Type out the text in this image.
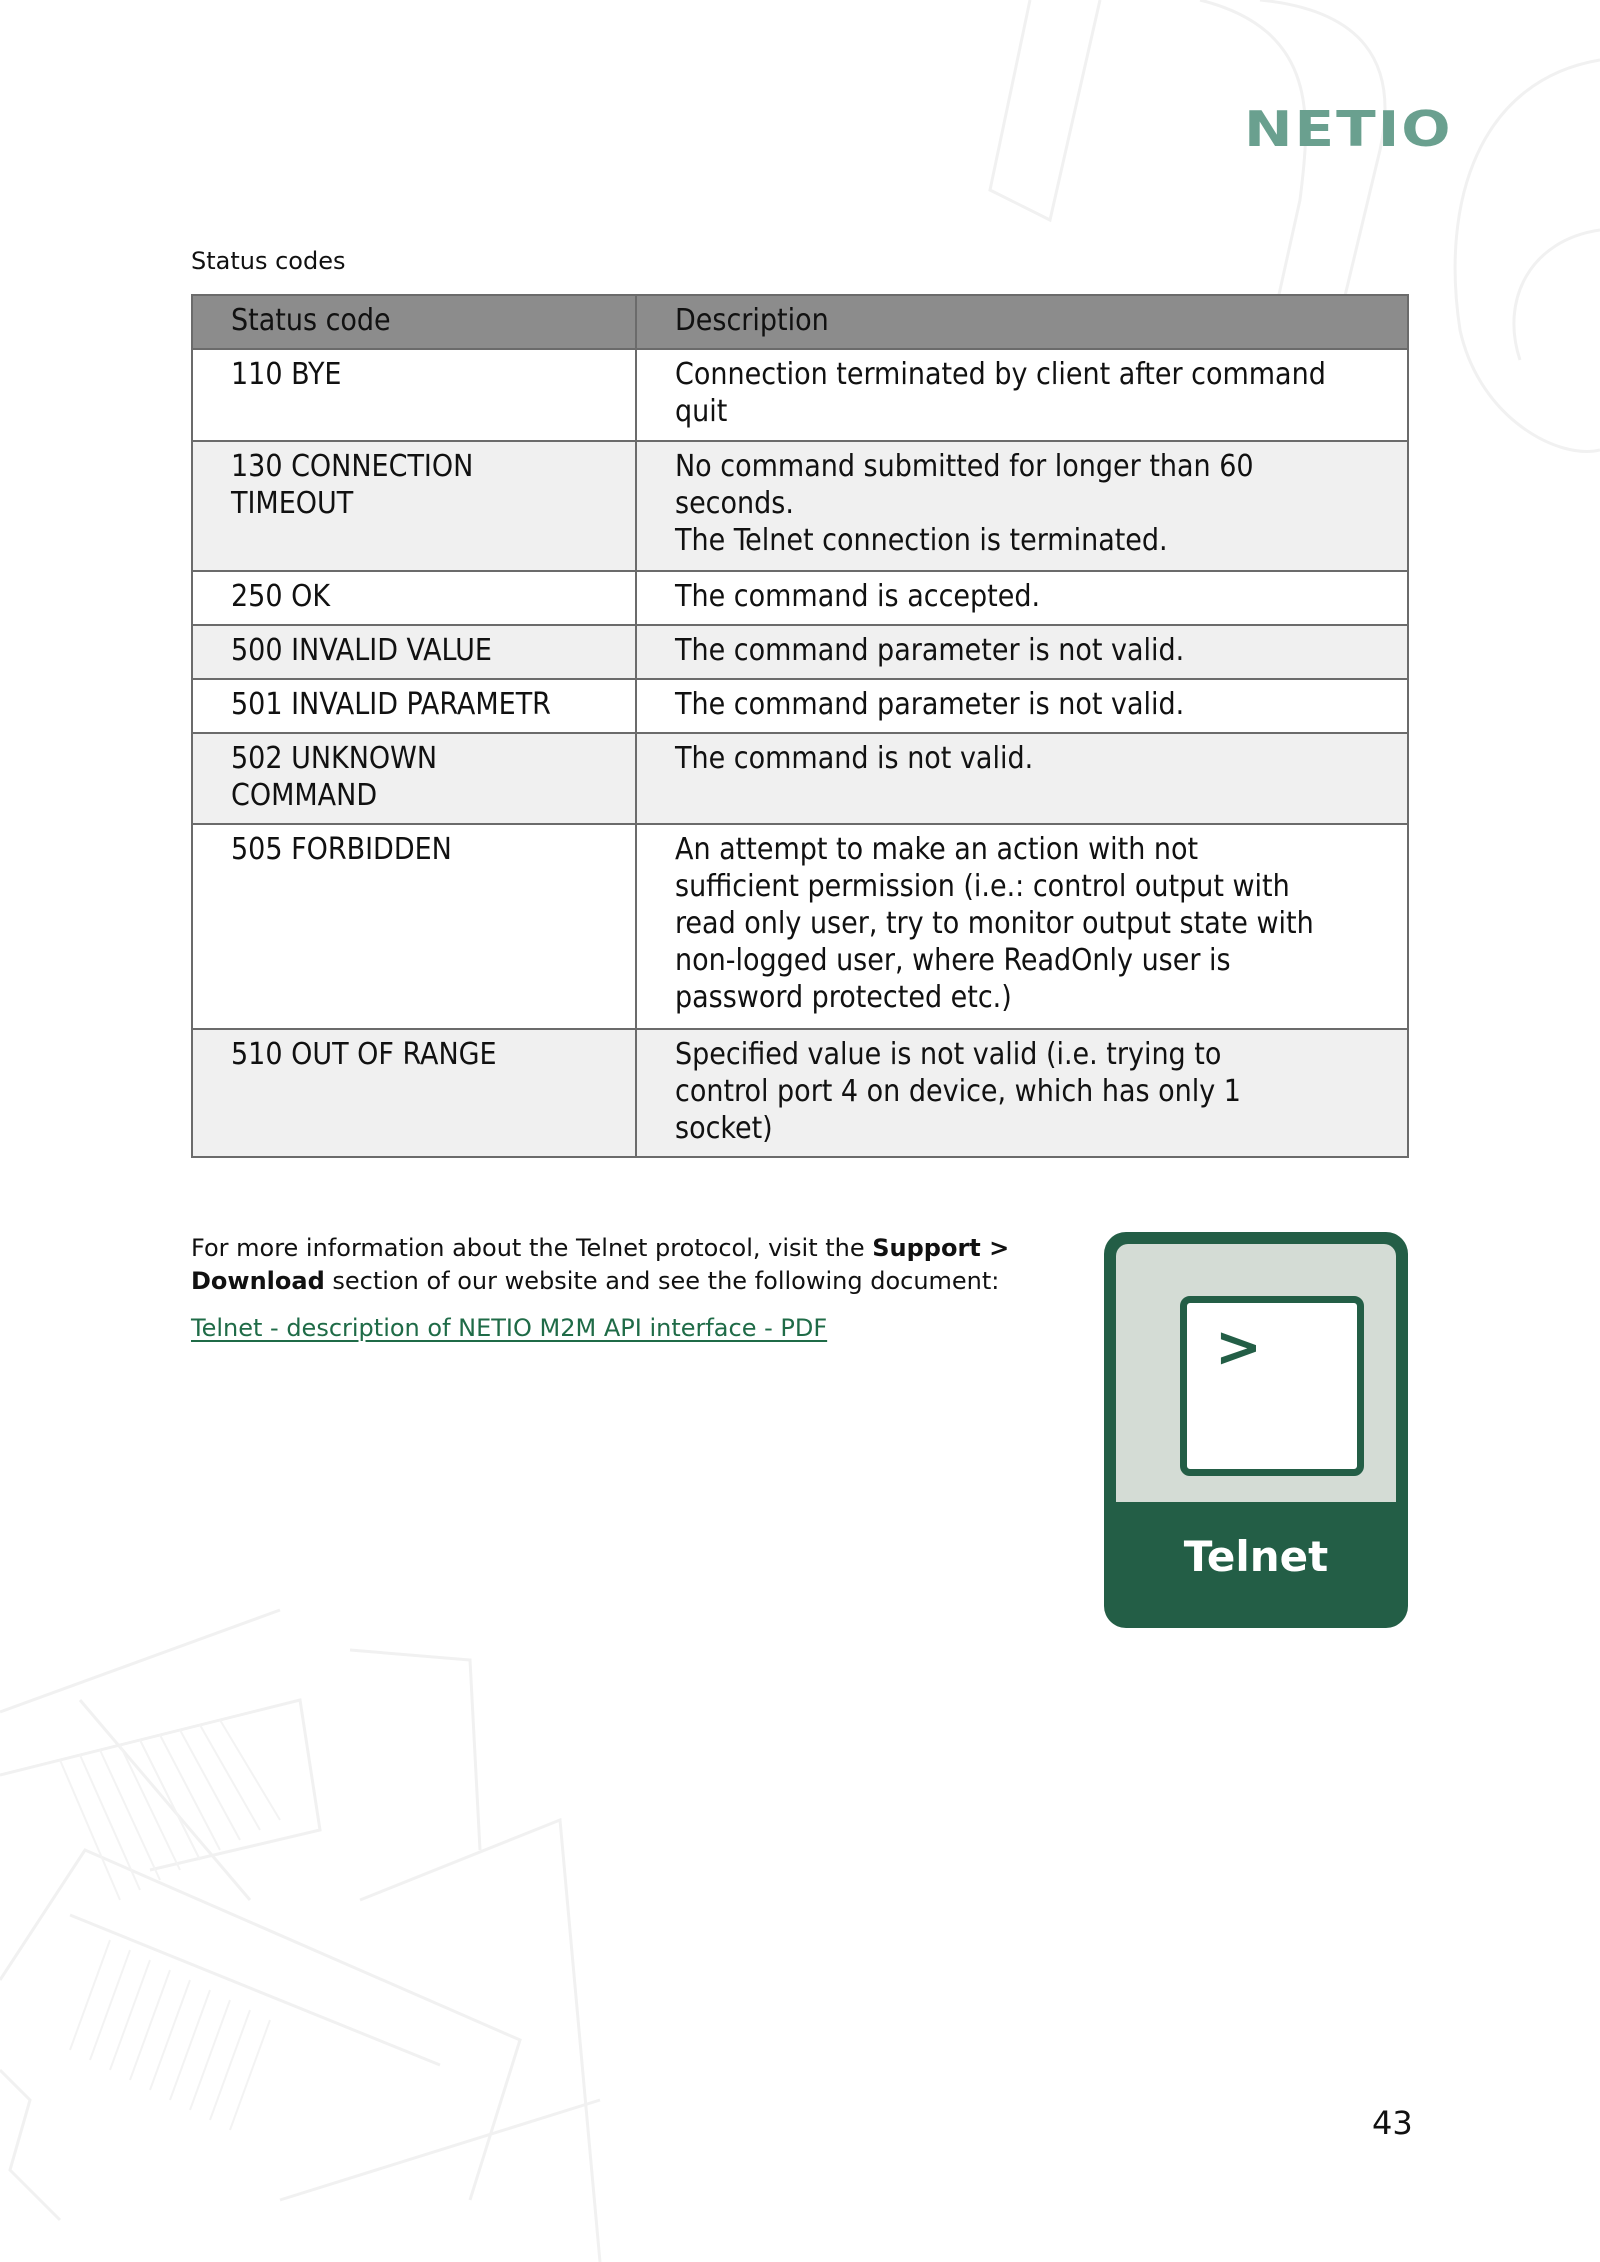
NETIO
Status codes
Status code	Description

110 BYE	Connection terminated by client after command
quit

130 CONNECTION
TIMEOUT	No command submitted for longer than 60
seconds.
The Telnet connection is terminated.

250 OK	The command is accepted.

500 INVALID VALUE	The command parameter is not valid.

501 INVALID PARAMETR	The command parameter is not valid.

502 UNKNOWN
COMMAND	The command is not valid.

505 FORBIDDEN	An attempt to make an action with not
sufficient permission (i.e.: control output with
read only user, try to monitor output state with
non-logged user, where ReadOnly user is
password protected etc.)

510 OUT OF RANGE	Specified value is not valid (i.e. trying to
control port 4 on device, which has only 1
socket)
For more information about the Telnet protocol, visit the Support >
Download section of our website and see the following document:
Telnet - description of NETIO M2M API interface - PDF	>
Telnet
43
